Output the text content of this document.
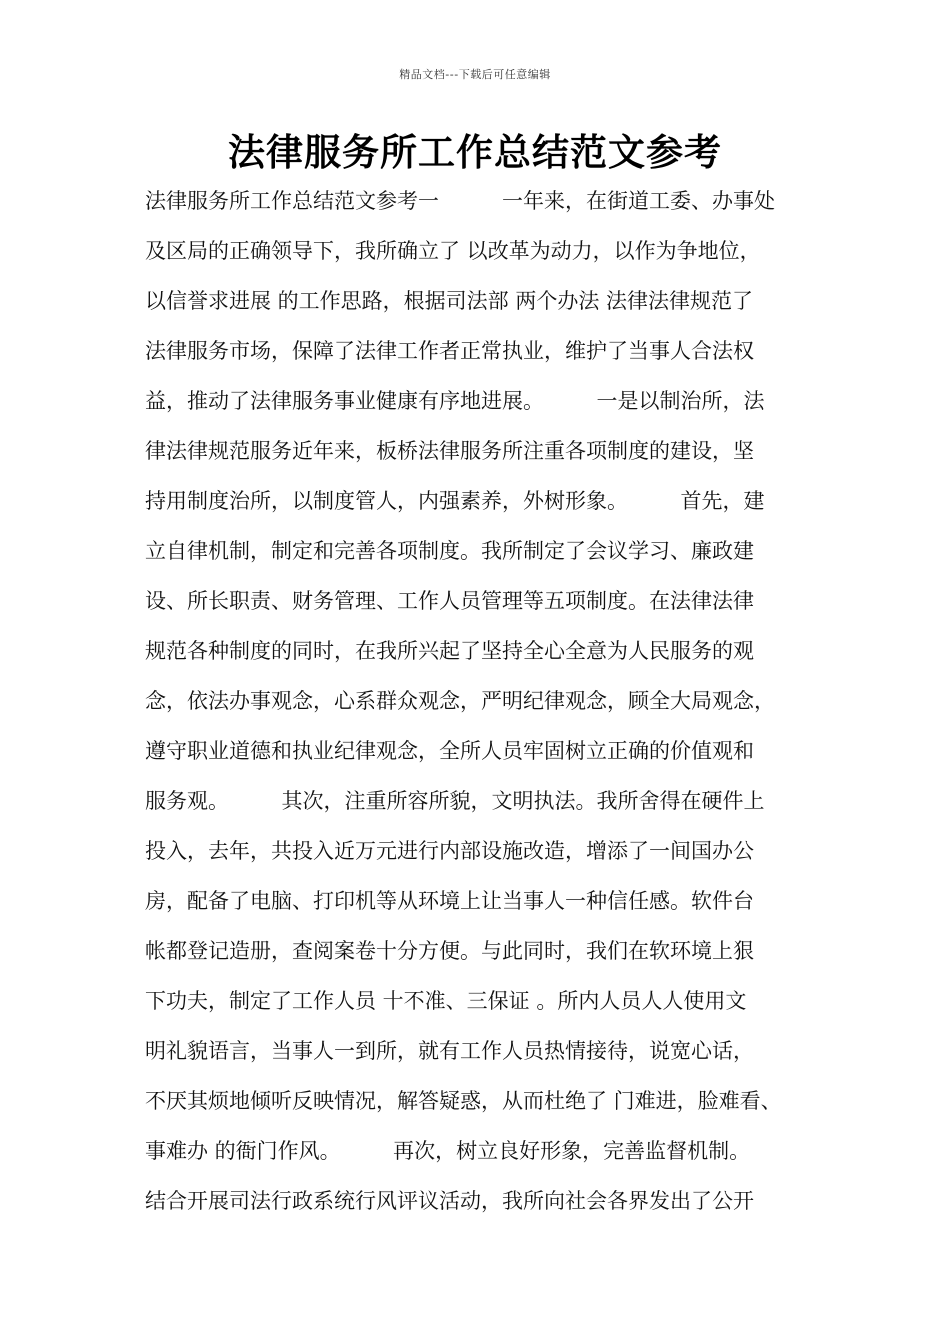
精品文档---下载后可任意编辑
法律服务所工作总结范文参考
法律服务所工作总结范文参考一　　　一年来，在街道工委、办事处
及区局的正确领导下，我所确立了 以改革为动力，以作为争地位，
以信誉求进展 的工作思路，根据司法部 两个办法 法律法律规范了
法律服务市场，保障了法律工作者正常执业，维护了当事人合法权
益，推动了法律服务事业健康有序地进展。　　　一是以制治所，法
律法律规范服务近年来，板桥法律服务所注重各项制度的建设，坚
持用制度治所，以制度管人，内强素养，外树形象。　　　首先，建
立自律机制，制定和完善各项制度。我所制定了会议学习、廉政建
设、所长职责、财务管理、工作人员管理等五项制度。在法律法律
规范各种制度的同时，在我所兴起了坚持全心全意为人民服务的观
念，依法办事观念，心系群众观念，严明纪律观念，顾全大局观念，
遵守职业道德和执业纪律观念，全所人员牢固树立正确的价值观和
服务观。　　　其次，注重所容所貌，文明执法。我所舍得在硬件上
投入，去年，共投入近万元进行内部设施改造，增添了一间国办公
房，配备了电脑、打印机等从环境上让当事人一种信任感。软件台
帐都登记造册，查阅案卷十分方便。与此同时，我们在软环境上狠
下功夫，制定了工作人员 十不准、三保证 。所内人员人人使用文
明礼貌语言，当事人一到所，就有工作人员热情接待，说宽心话，
不厌其烦地倾听反映情况，解答疑惑，从而杜绝了 门难进，脸难看、
事难办 的衙门作风。　　　再次，树立良好形象，完善监督机制。
结合开展司法行政系统行风评议活动，我所向社会各界发出了公开
